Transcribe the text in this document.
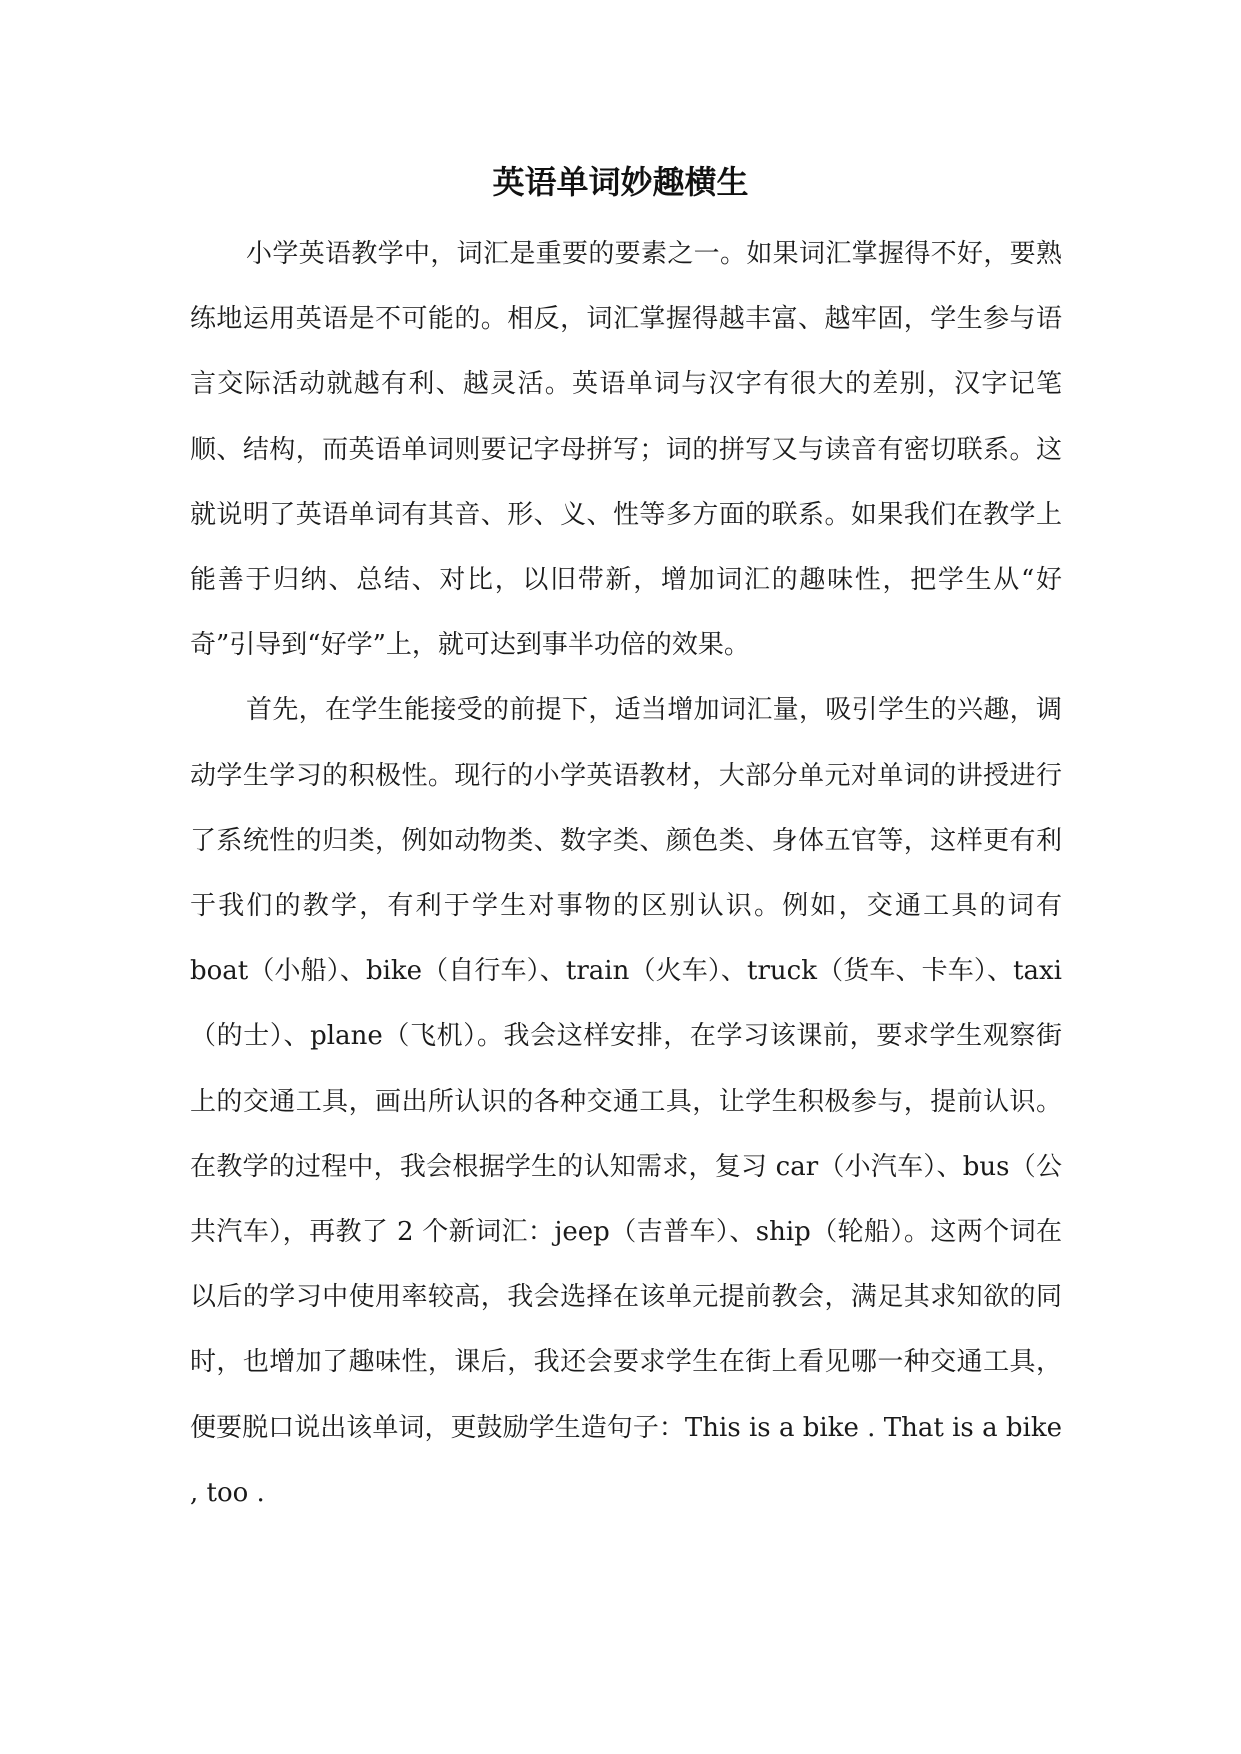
英语单词妙趣横生

小学英语教学中，词汇是重要的要素之一。如果词汇掌握得不好，要熟练地运用英语是不可能的。相反，词汇掌握得越丰富、越牢固，学生参与语言交际活动就越有利、越灵活。英语单词与汉字有很大的差别，汉字记笔顺、结构，而英语单词则要记字母拼写；词的拼写又与读音有密切联系。这就说明了英语单词有其音、形、义、性等多方面的联系。如果我们在教学上能善于归纳、总结、对比，以旧带新，增加词汇的趣味性，把学生从“好奇”引导到“好学”上，就可达到事半功倍的效果。

首先，在学生能接受的前提下，适当增加词汇量，吸引学生的兴趣，调动学生学习的积极性。现行的小学英语教材，大部分单元对单词的讲授进行了系统性的归类，例如动物类、数字类、颜色类、身体五官等，这样更有利于我们的教学，有利于学生对事物的区别认识。例如，交通工具的词有 boat（小船）、bike（自行车）、train（火车）、truck（货车、卡车）、taxi（的士）、plane（飞机）。我会这样安排，在学习该课前，要求学生观察街上的交通工具，画出所认识的各种交通工具，让学生积极参与，提前认识。在教学的过程中，我会根据学生的认知需求，复习 car（小汽车）、bus（公共汽车），再教了 2 个新词汇：jeep（吉普车）、ship（轮船）。这两个词在以后的学习中使用率较高，我会选择在该单元提前教会，满足其求知欲的同时，也增加了趣味性，课后，我还会要求学生在街上看见哪一种交通工具，便要脱口说出该单词，更鼓励学生造句子：This is a bike . That is a bike , too .
